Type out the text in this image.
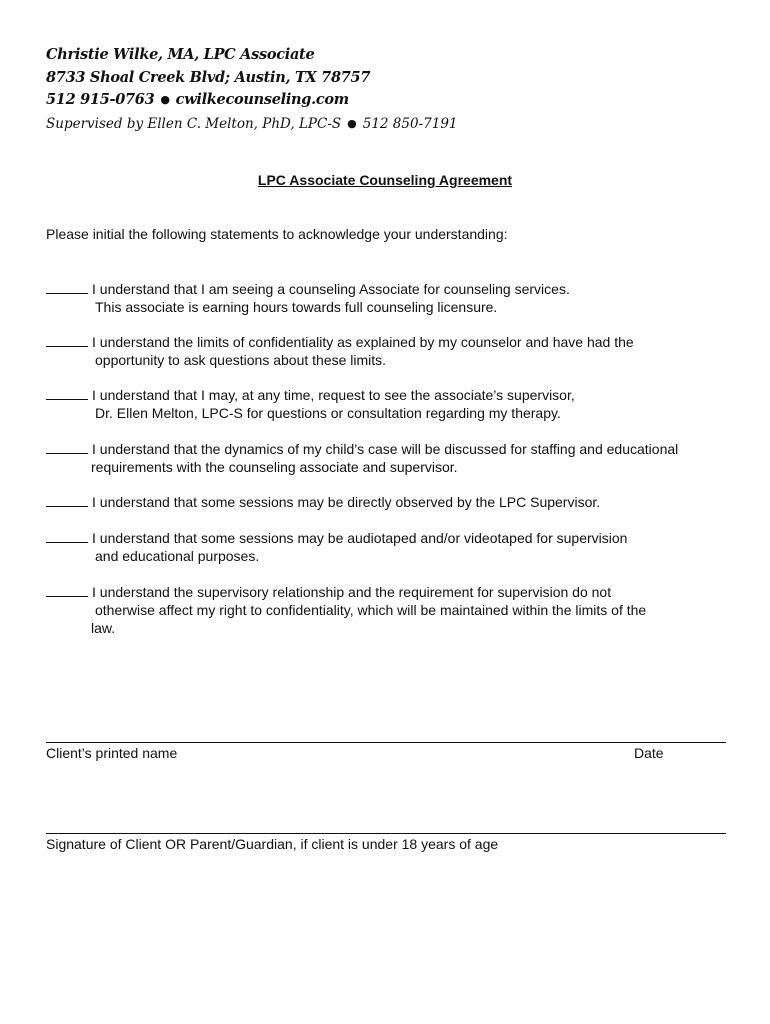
Christie Wilke, MA, LPC Associate
8733 Shoal Creek Blvd; Austin, TX 78757
512 915-0763 ● cwilkecounseling.com
Supervised by Ellen C. Melton, PhD, LPC-S ● 512 850-7191
LPC Associate Counseling Agreement
Please initial the following statements to acknowledge your understanding:
I understand that I am seeing a counseling Associate for counseling services.
This associate is earning hours towards full counseling licensure.
I understand the limits of confidentiality as explained by my counselor and have had the
opportunity to ask questions about these limits.
I understand that I may, at any time, request to see the associate’s supervisor,
Dr. Ellen Melton, LPC-S for questions or consultation regarding my therapy.
I understand that the dynamics of my child’s case will be discussed for staffing and educational
requirements with the counseling associate and supervisor.
I understand that some sessions may be directly observed by the LPC Supervisor.
I understand that some sessions may be audiotaped and/or videotaped for supervision
and educational purposes.
I understand the supervisory relationship and the requirement for supervision do not
otherwise affect my right to confidentiality, which will be maintained within the limits of the
law.
Client’s printed name	Date
Signature of Client OR Parent/Guardian, if client is under 18 years of age
